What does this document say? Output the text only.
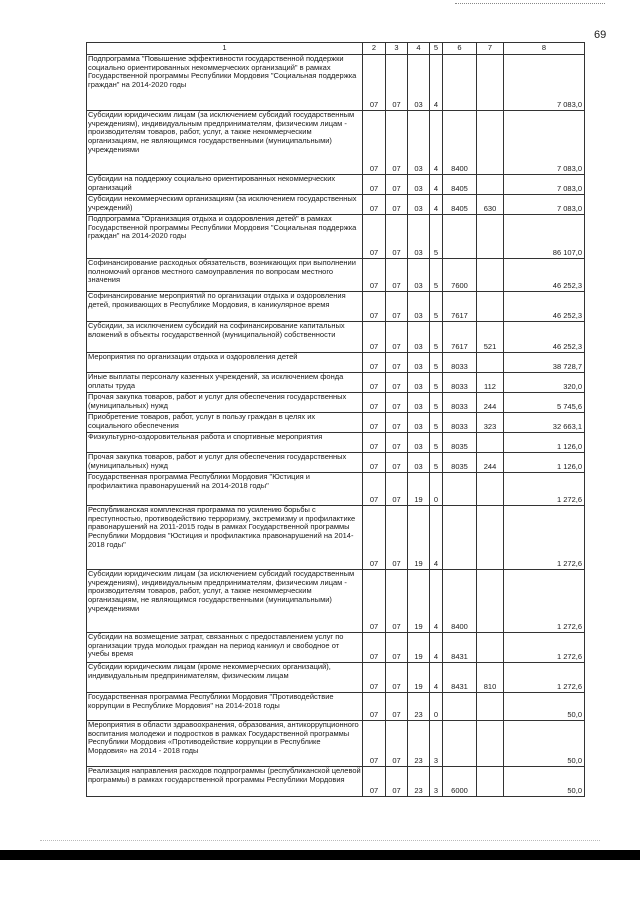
69
1	2	3	4	5	6	7	8
Подпрограмма "Повышение эффективности государственной поддержки социально ориентированных некоммерческих организаций" в рамках Государственной программы Республики Мордовия "Социальная поддержка граждан" на 2014-2020 годы	07	07	03	4			7 083,0
Субсидии юридическим лицам (за исключением субсидий государственным учреждениям), индивидуальным предпринимателям, физическим лицам - производителям товаров, работ, услуг, а также некоммерческим организациям, не являющимся государственными (муниципальными) учреждениями	07	07	03	4	8400		7 083,0
Субсидии на поддержку социально ориентированных некоммерческих организаций	07	07	03	4	8405		7 083,0
Субсидии некоммерческим организациям (за исключением государственных учреждений)	07	07	03	4	8405	630	7 083,0
Подпрограмма "Организация отдыха и оздоровления детей" в рамках Государственной программы Республики Мордовия "Социальная поддержка граждан" на 2014-2020 годы	07	07	03	5			86 107,0
Софинансирование расходных обязательств, возникающих при выполнении полномочий органов местного самоуправления по вопросам местного значения	07	07	03	5	7600		46 252,3
Софинансирование мероприятий по организации отдыха и оздоровления детей, проживающих в Республике Мордовия, в каникулярное время	07	07	03	5	7617		46 252,3
Субсидии, за исключением субсидий на софинансирование капитальных вложений в объекты государственной (муниципальной) собственности	07	07	03	5	7617	521	46 252,3
Мероприятия по организации отдыха и оздоровления детей	07	07	03	5	8033		38 728,7
Иные выплаты персоналу казенных учреждений, за исключением фонда оплаты труда	07	07	03	5	8033	112	320,0
Прочая закупка товаров, работ и услуг для обеспечения государственных (муниципальных) нужд	07	07	03	5	8033	244	5 745,6
Приобретение товаров, работ, услуг в пользу граждан в целях их социального обеспечения	07	07	03	5	8033	323	32 663,1
Физкультурно-оздоровительная работа и спортивные мероприятия	07	07	03	5	8035		1 126,0
Прочая закупка товаров, работ и услуг для обеспечения государственных (муниципальных) нужд	07	07	03	5	8035	244	1 126,0
Государственная программа Республики Мордовия "Юстиция и профилактика правонарушений на 2014-2018 годы"	07	07	19	0			1 272,6
Республиканская комплексная программа по усилению борьбы с преступностью, противодействию терроризму, экстремизму и профилактике правонарушений на 2011-2015 годы в рамках Государственной программы Республики Мордовия "Юстиция и профилактика правонарушений на 2014-2018 годы"	07	07	19	4			1 272,6
Субсидии юридическим лицам (за исключением субсидий государственным учреждениям), индивидуальным предпринимателям, физическим лицам - производителям товаров, работ, услуг, а также некоммерческим организациям, не являющимся государственными (муниципальными) учреждениями	07	07	19	4	8400		1 272,6
Субсидии на возмещение затрат, связанных с предоставлением услуг по организации труда молодых граждан на период каникул и свободное от учебы время	07	07	19	4	8431		1 272,6
Субсидии юридическим лицам (кроме некоммерческих организаций), индивидуальным предпринимателям, физическим лицам	07	07	19	4	8431	810	1 272,6
Государственная программа Республики Мордовия "Противодействие коррупции в Республике Мордовия" на 2014-2018 годы	07	07	23	0			50,0
Мероприятия в области здравоохранения, образования, антикоррупционного воспитания молодежи и подростков в рамках Государственной программы Республики Мордовия «Противодействие коррупции в Республике Мордовия» на 2014 - 2018 годы	07	07	23	3			50,0
Реализация направления расходов подпрограммы (республиканской целевой программы) в рамках государственной программы Республики Мордовия	07	07	23	3	6000		50,0
